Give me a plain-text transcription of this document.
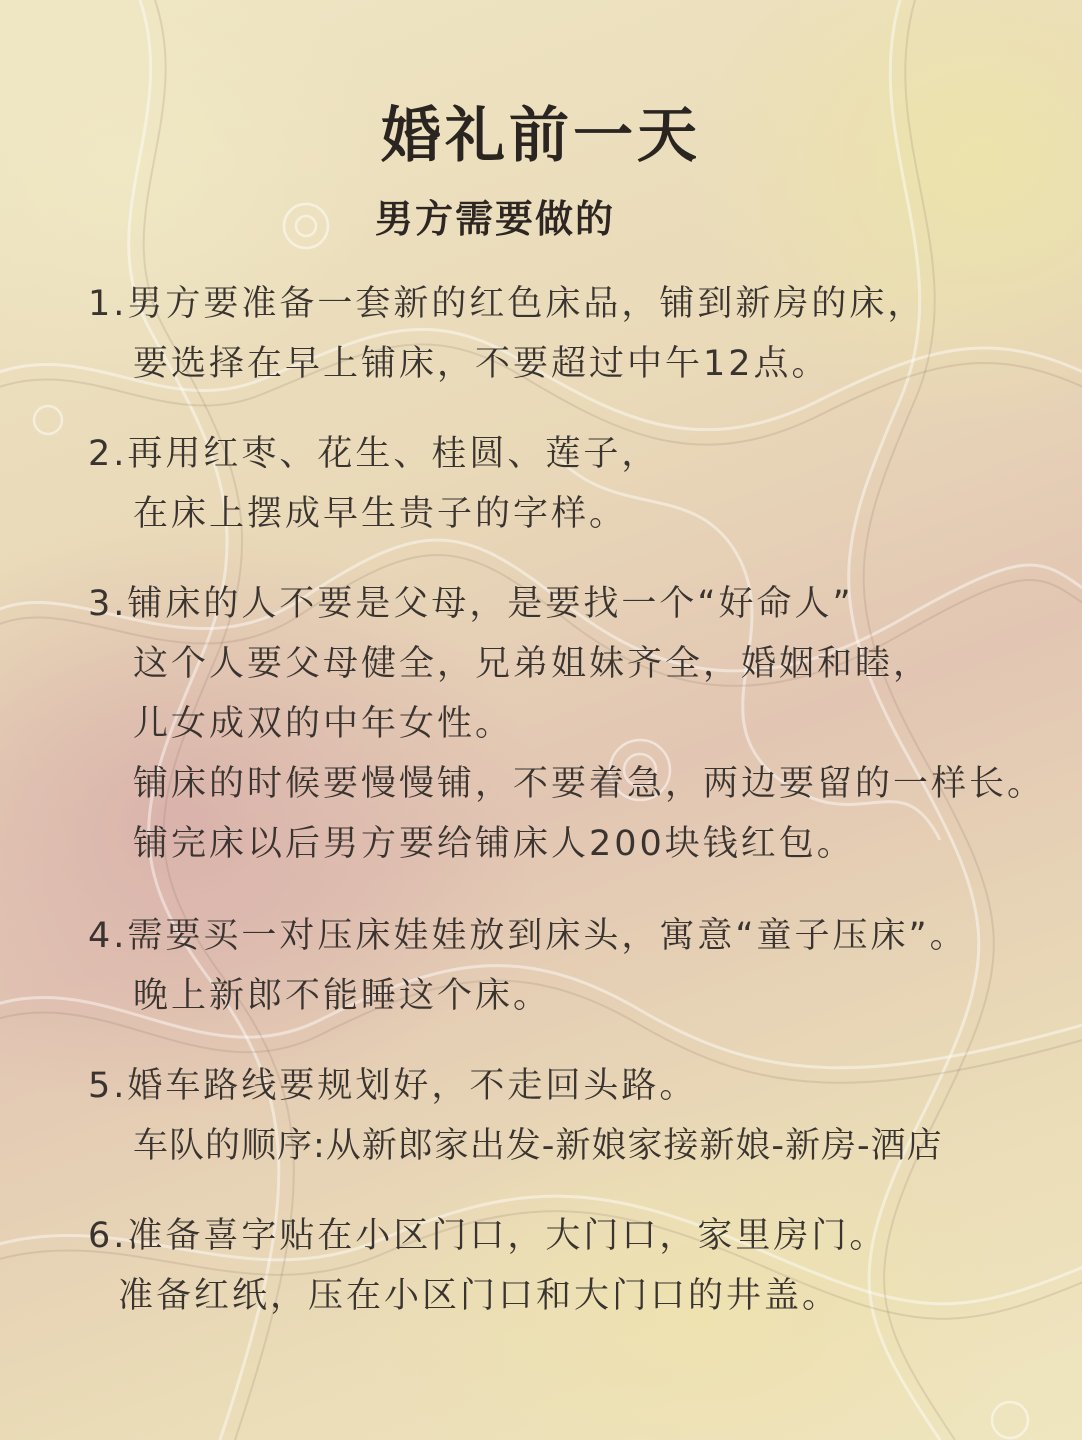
婚礼前一天
男方需要做的
1.男方要准备一套新的红色床品，铺到新房的床，
要选择在早上铺床，不要超过中午12点。
2.再用红枣、花生、桂圆、莲子，
在床上摆成早生贵子的字样。
3.铺床的人不要是父母，是要找一个“好命人”
这个人要父母健全，兄弟姐妹齐全，婚姻和睦，
儿女成双的中年女性。
铺床的时候要慢慢铺，不要着急，两边要留的一样长。
铺完床以后男方要给铺床人200块钱红包。
4.需要买一对压床娃娃放到床头，寓意“童子压床”。
晚上新郎不能睡这个床。
5.婚车路线要规划好，不走回头路。
车队的顺序:从新郎家出发-新娘家接新娘-新房-酒店
6.准备喜字贴在小区门口，大门口，家里房门。
准备红纸，压在小区门口和大门口的井盖。
